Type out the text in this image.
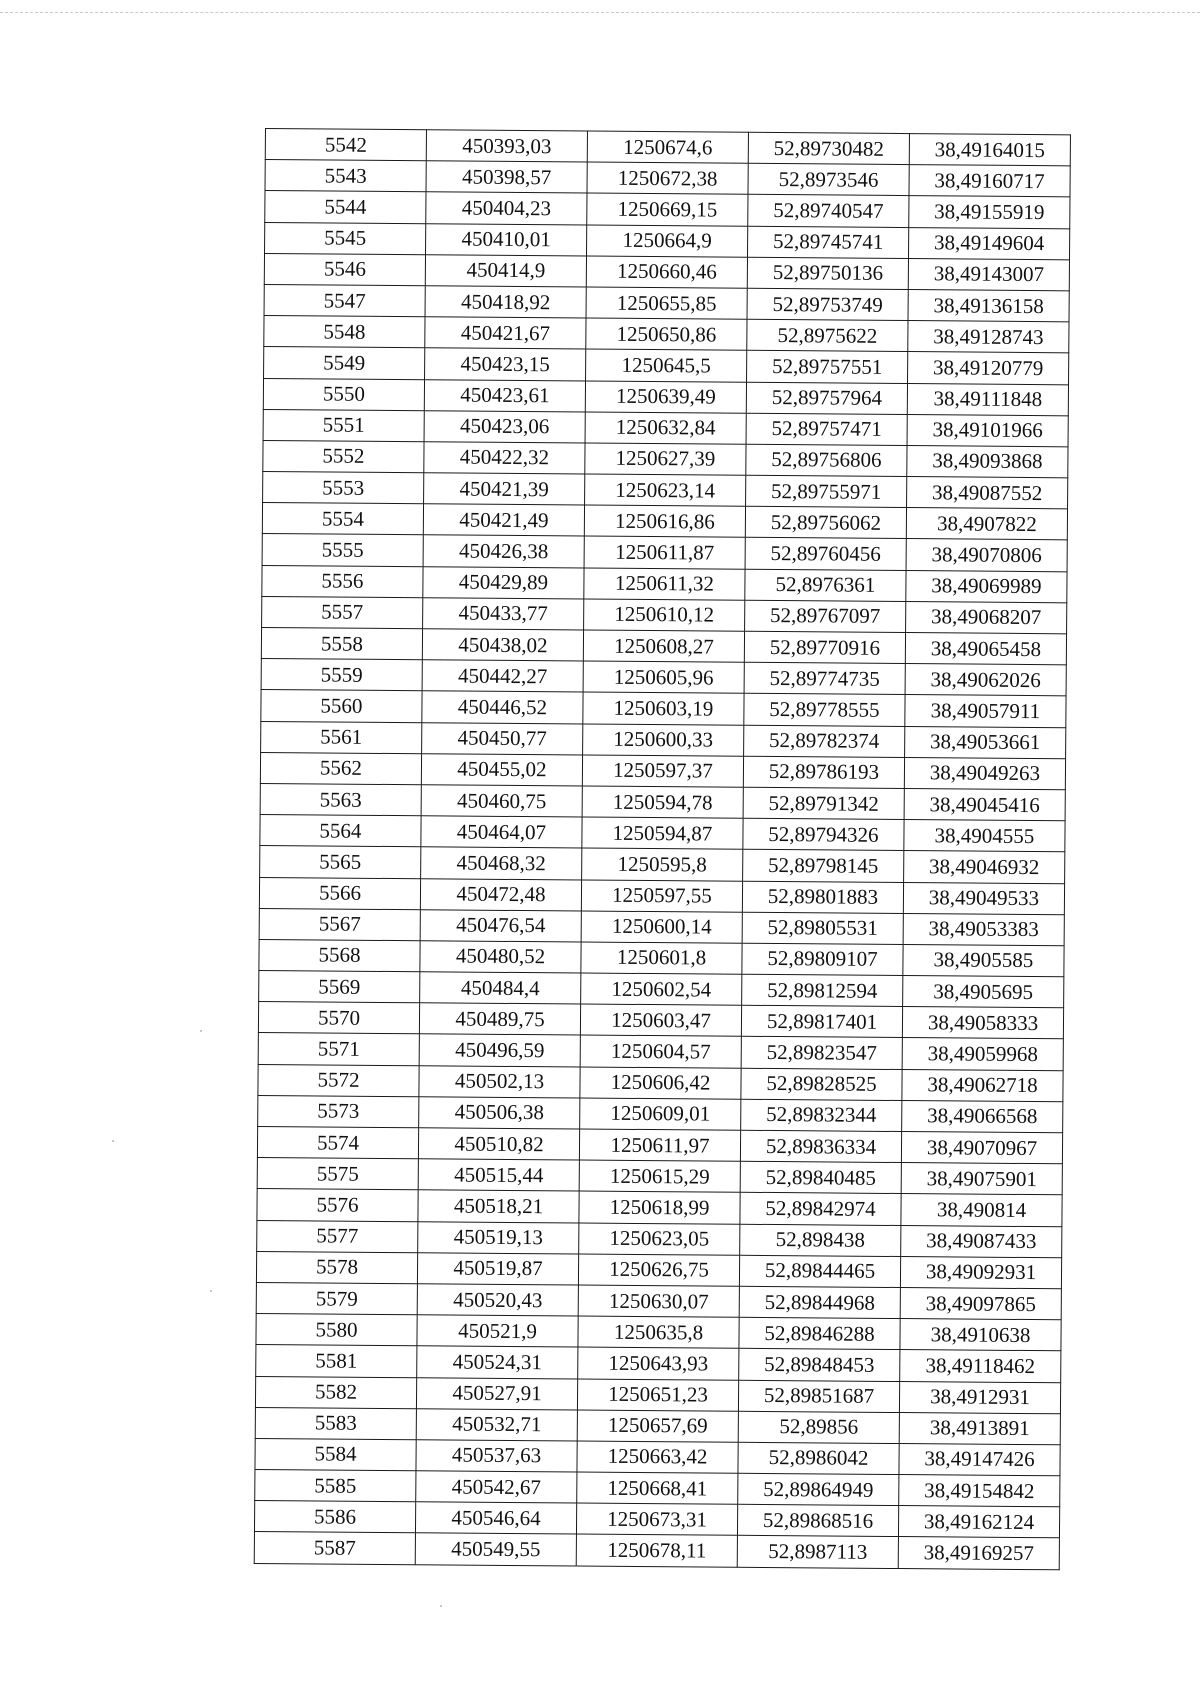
5542	450393,03	1250674,6	52,89730482	38,49164015
5543	450398,57	1250672,38	52,8973546	38,49160717
5544	450404,23	1250669,15	52,89740547	38,49155919
5545	450410,01	1250664,9	52,89745741	38,49149604
5546	450414,9	1250660,46	52,89750136	38,49143007
5547	450418,92	1250655,85	52,89753749	38,49136158
5548	450421,67	1250650,86	52,8975622	38,49128743
5549	450423,15	1250645,5	52,89757551	38,49120779
5550	450423,61	1250639,49	52,89757964	38,49111848
5551	450423,06	1250632,84	52,89757471	38,49101966
5552	450422,32	1250627,39	52,89756806	38,49093868
5553	450421,39	1250623,14	52,89755971	38,49087552
5554	450421,49	1250616,86	52,89756062	38,4907822
5555	450426,38	1250611,87	52,89760456	38,49070806
5556	450429,89	1250611,32	52,8976361	38,49069989
5557	450433,77	1250610,12	52,89767097	38,49068207
5558	450438,02	1250608,27	52,89770916	38,49065458
5559	450442,27	1250605,96	52,89774735	38,49062026
5560	450446,52	1250603,19	52,89778555	38,49057911
5561	450450,77	1250600,33	52,89782374	38,49053661
5562	450455,02	1250597,37	52,89786193	38,49049263
5563	450460,75	1250594,78	52,89791342	38,49045416
5564	450464,07	1250594,87	52,89794326	38,4904555
5565	450468,32	1250595,8	52,89798145	38,49046932
5566	450472,48	1250597,55	52,89801883	38,49049533
5567	450476,54	1250600,14	52,89805531	38,49053383
5568	450480,52	1250601,8	52,89809107	38,4905585
5569	450484,4	1250602,54	52,89812594	38,4905695
5570	450489,75	1250603,47	52,89817401	38,49058333
5571	450496,59	1250604,57	52,89823547	38,49059968
5572	450502,13	1250606,42	52,89828525	38,49062718
5573	450506,38	1250609,01	52,89832344	38,49066568
5574	450510,82	1250611,97	52,89836334	38,49070967
5575	450515,44	1250615,29	52,89840485	38,49075901
5576	450518,21	1250618,99	52,89842974	38,490814
5577	450519,13	1250623,05	52,898438	38,49087433
5578	450519,87	1250626,75	52,89844465	38,49092931
5579	450520,43	1250630,07	52,89844968	38,49097865
5580	450521,9	1250635,8	52,89846288	38,4910638
5581	450524,31	1250643,93	52,89848453	38,49118462
5582	450527,91	1250651,23	52,89851687	38,4912931
5583	450532,71	1250657,69	52,89856	38,4913891
5584	450537,63	1250663,42	52,8986042	38,49147426
5585	450542,67	1250668,41	52,89864949	38,49154842
5586	450546,64	1250673,31	52,89868516	38,49162124
5587	450549,55	1250678,11	52,8987113	38,49169257
